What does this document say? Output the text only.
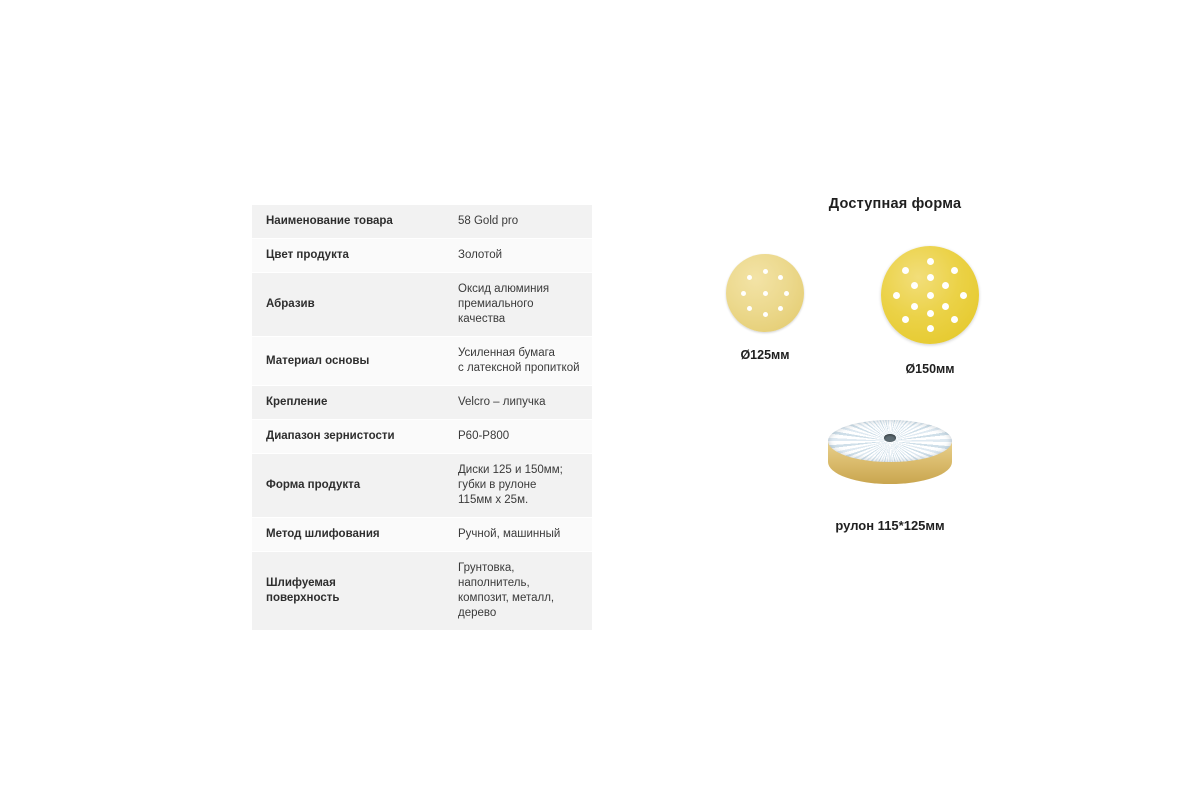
Наименование товара	58 Gold pro

Цвет продукта	Золотой

Абразив	Оксид алюминия
премиального качества

Материал основы	Усиленная бумага
с латексной пропиткой

Крепление	Velcro – липучка

Диапазон зернистости	P60-P800

Форма продукта	Диски 125 и 150мм;
губки в рулоне
115мм х 25м.

Метод шлифования	Ручной, машинный

Шлифуемая
поверхность	Грунтовка, наполнитель,
композит, металл,
дерево
Доступная форма
Ø125мм
Ø150мм
рулон 115*125мм
